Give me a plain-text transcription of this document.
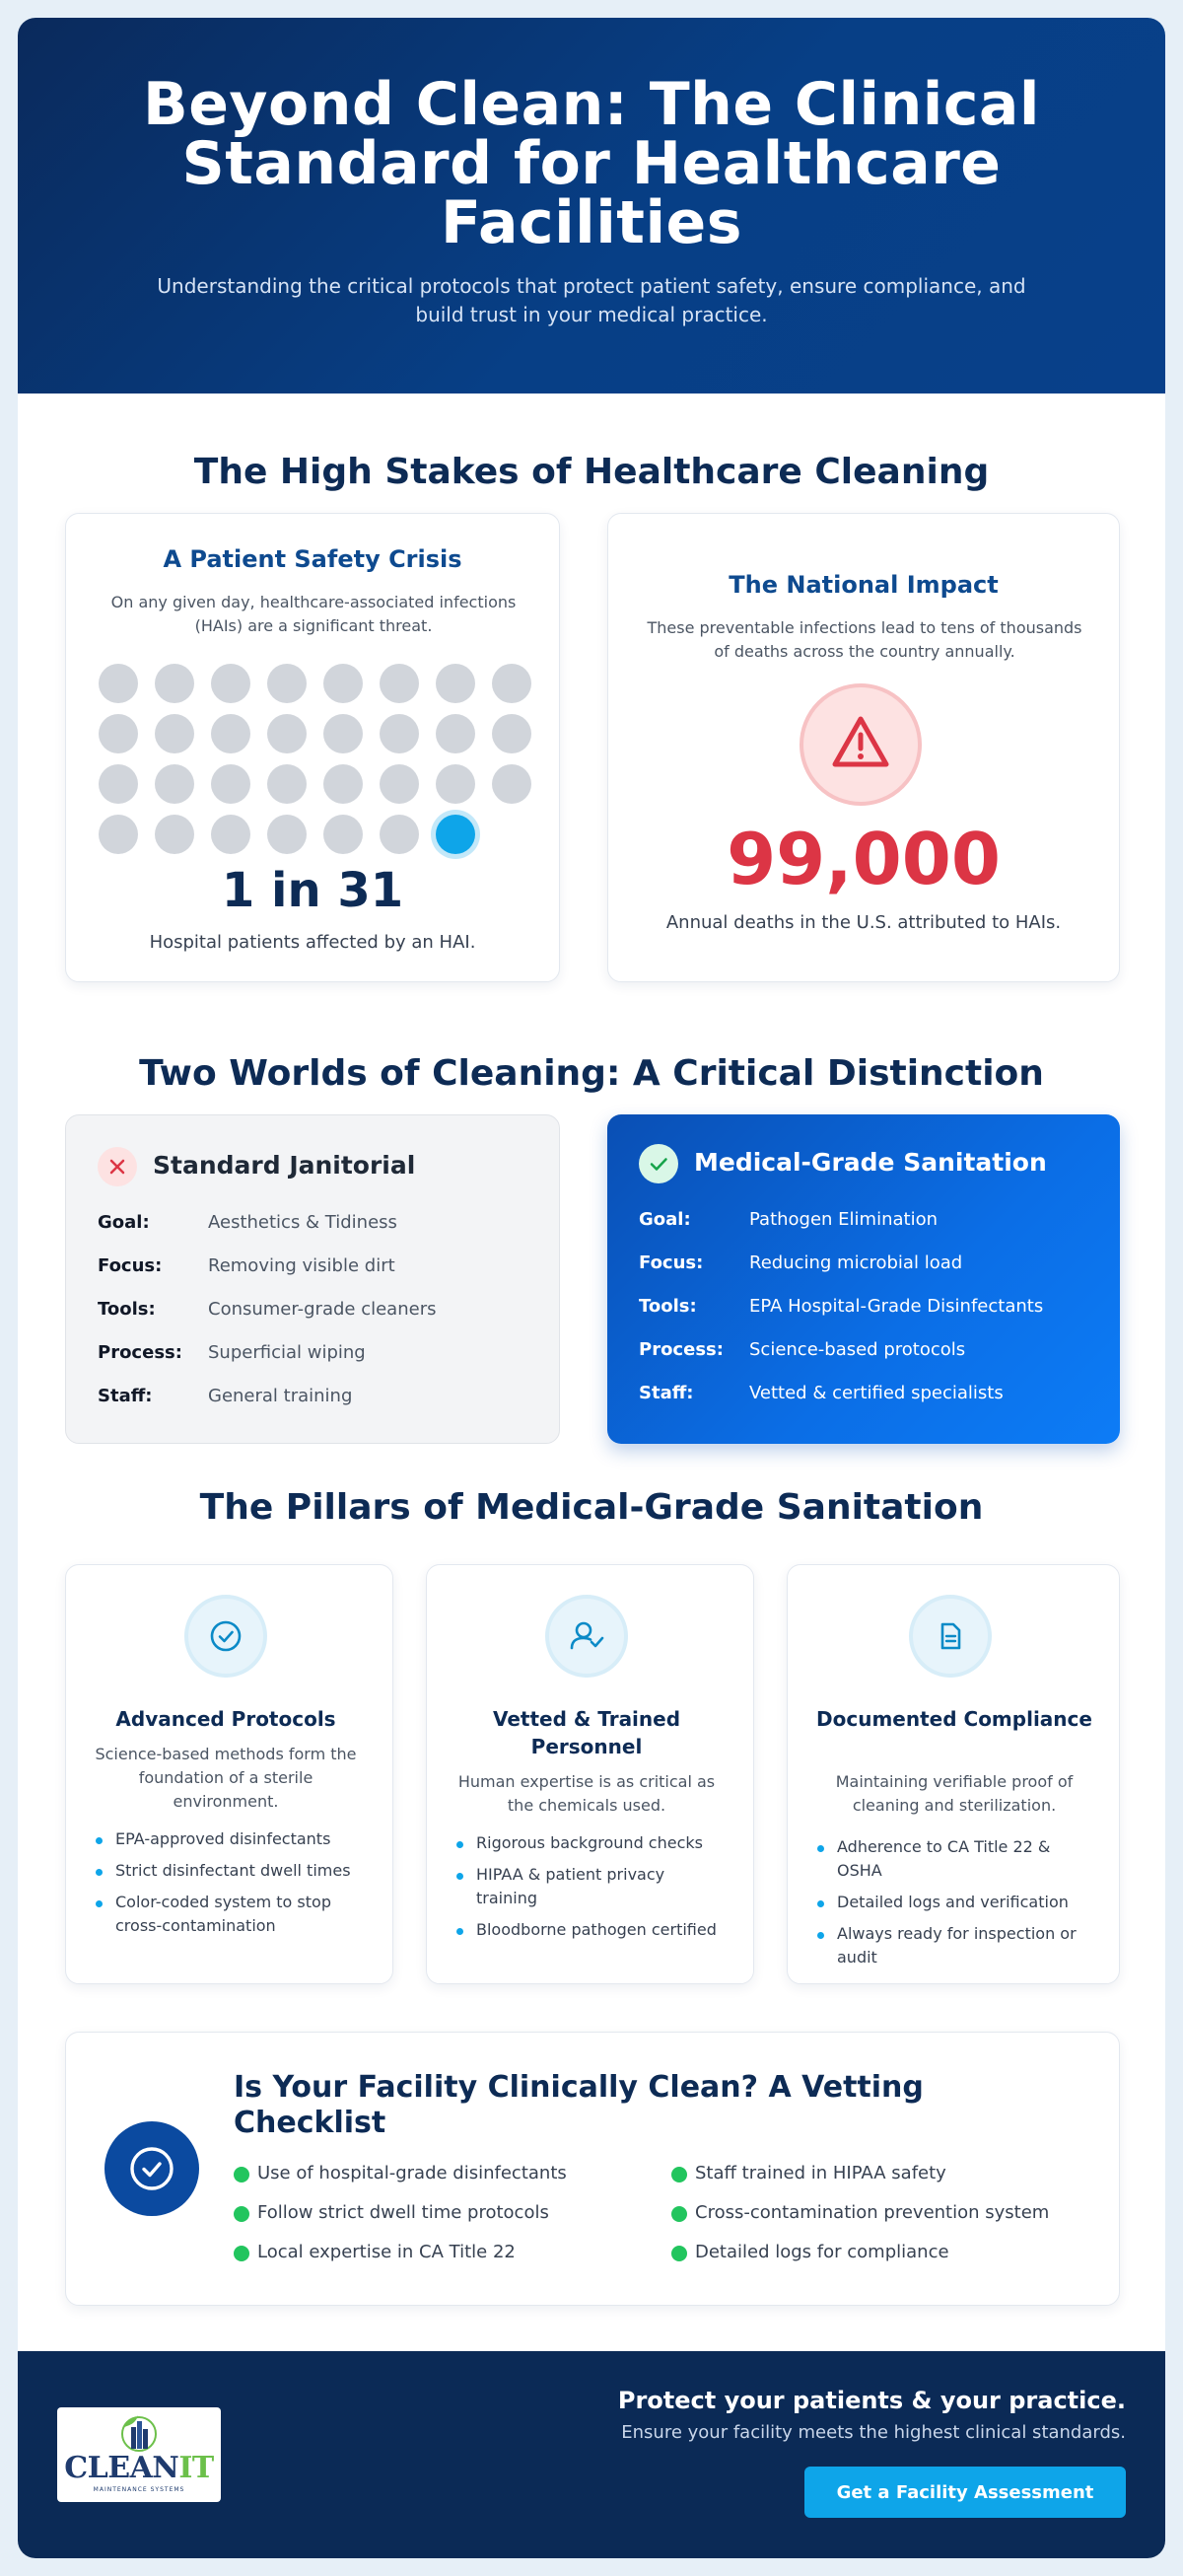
Beyond Clean: The Clinical Standard for Healthcare Facilities

Understanding the critical protocols that protect patient safety, ensure compliance, and build trust in your medical practice.

The High Stakes of Healthcare Cleaning
A Patient Safety Crisis
On any given day, healthcare-associated infections (HAIs) are a significant threat.
1 in 31
Hospital patients affected by an HAI.
The National Impact
These preventable infections lead to tens of thousands of deaths across the country annually.
99,000
Annual deaths in the U.S. attributed to HAIs.
Two Worlds of Cleaning: A Critical Distinction
Standard Janitorial
Goal:	Aesthetics & Tidiness
Focus:	Removing visible dirt
Tools:	Consumer-grade cleaners
Process: Superficial wiping
Staff:	General training
Medical-Grade Sanitation
Goal:	Pathogen Elimination
Focus:	Reducing microbial load
Tools:	EPA Hospital-Grade Disinfectants
Process: Science-based protocols
Staff:	Vetted & certified specialists
The Pillars of Medical-Grade Sanitation
Advanced Protocols
Science-based methods form the foundation of a sterile environment.
EPA-approved disinfectants
Strict disinfectant dwell times
Color-coded system to stop cross-contamination
Vetted & Trained Personnel
Human expertise is as critical as the chemicals used.
Rigorous background checks
HIPAA & patient privacy training
Bloodborne pathogen certified
Documented Compliance
Maintaining verifiable proof of cleaning and sterilization.
Adherence to CA Title 22 & OSHA
Detailed logs and verification
Always ready for inspection or audit
Is Your Facility Clinically Clean? A Vetting Checklist
Use of hospital-grade disinfectants
Follow strict dwell time protocols
Local expertise in CA Title 22
Staff trained in HIPAA safety
Cross-contamination prevention system
Detailed logs for compliance
CLEANIT
MAINTENANCE SYSTEMS
Protect your patients & your practice.
Ensure your facility meets the highest clinical standards.
Get a Facility Assessment
